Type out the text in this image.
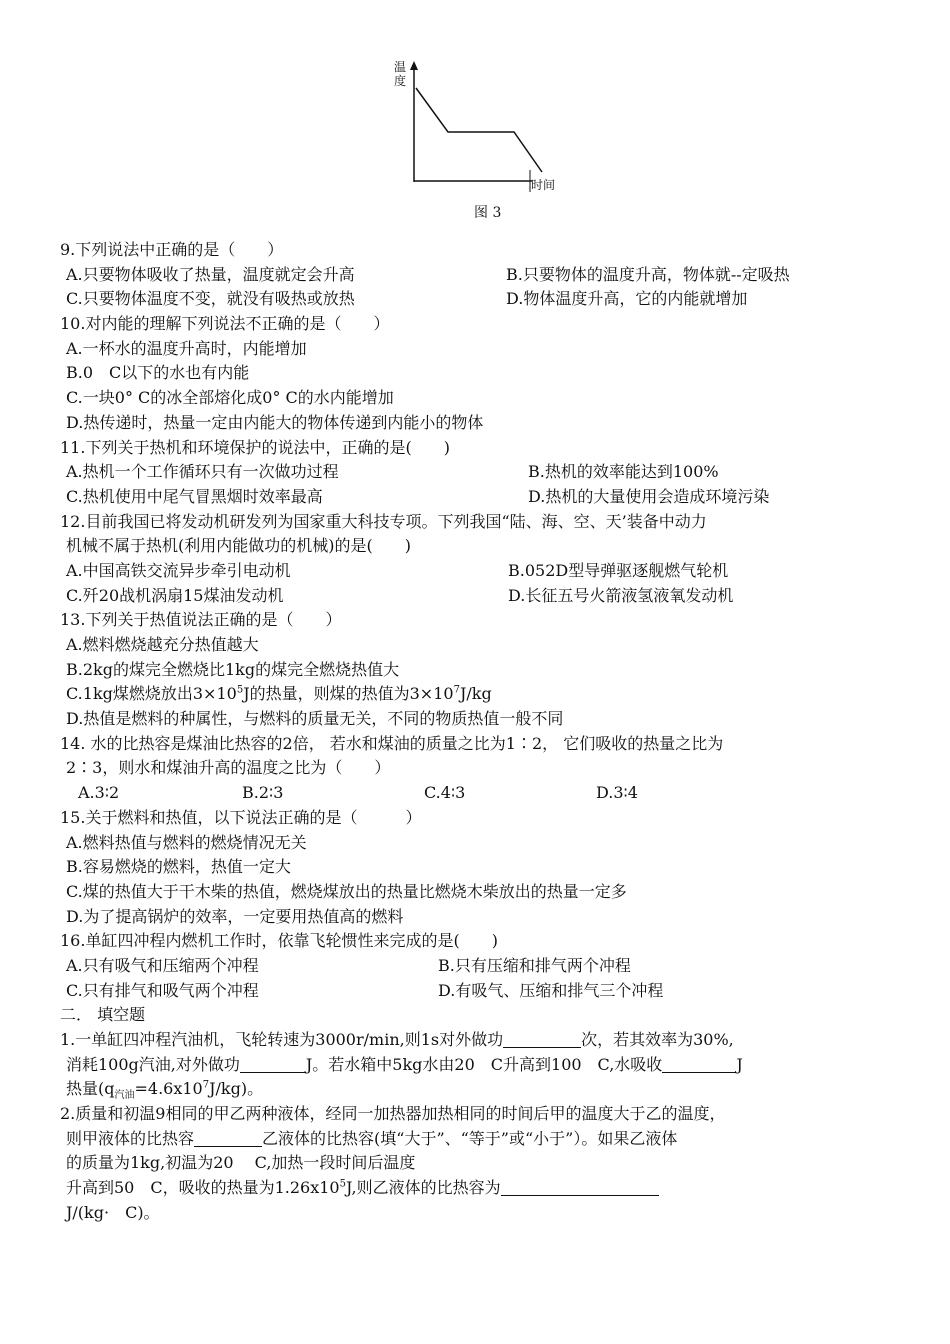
温度
时间
图 3
9.下列说法中正确的是（　　）
A.只要物体吸收了热量，温度就定会升高	B.只要物体的温度升高，物体就--定吸热
C.只要物体温度不变，就没有吸热或放热	D.物体温度升高，它的内能就增加
10.对内能的理解下列说法不正确的是（　　）
A.一杯水的温度升高时，内能增加
B.0　C以下的水也有内能
C.一块0° C的冰全部熔化成0° C的水内能增加
D.热传递时，热量一定由内能大的物体传递到内能小的物体
11.下列关于热机和环境保护的说法中，正确的是(　　)
A.热机一个工作循环只有一次做功过程	B.热机的效率能达到100%
C.热机使用中尾气冒黑烟时效率最高	D.热机的大量使用会造成环境污染
12.目前我国已将发动机研发列为国家重大科技专项。下列我国“陆、海、空、天’装备中动力
机械不属于热机(利用内能做功的机械)的是(　　)
A.中国高铁交流异步牵引电动机	B.052D型导弹驱逐舰燃气轮机
C.歼20战机涡扇15煤油发动机	D.长征五号火箭液氢液氧发动机
13.下列关于热值说法正确的是（　　）
A.燃料燃烧越充分热值越大
B.2kg的煤完全燃烧比1kg的煤完全燃烧热值大
C.1kg煤燃烧放出$3\times 10^5J$的热量，则煤的热值为$3\times 10^7J/kg$
D.热值是燃料的种属性，与燃料的质量无关，不同的物质热值一般不同
14. 水的比热容是煤油比热容的2倍， 若水和煤油的质量之比为1∶2， 它们吸收的热量之比为
2∶3，则水和煤油升高的温度之比为（　　）
A.3∶2	B.2∶3	C.4∶3	D.3∶4
15.关于燃料和热值，以下说法正确的是（　　　）
A.燃料热值与燃料的燃烧情况无关
B.容易燃烧的燃料，热值一定大
C.煤的热值大于干木柴的热值，燃烧煤放出的热量比燃烧木柴放出的热量一定多
D.为了提高锅炉的效率，一定要用热值高的燃料
16.单缸四冲程内燃机工作时，依靠飞轮惯性来完成的是(　　)
A.只有吸气和压缩两个冲程	B.只有压缩和排气两个冲程
C.只有排气和吸气两个冲程	D.有吸气、压缩和排气三个冲程
二． 填空题
1.一单缸四冲程汽油机，飞轮转速为3000r/min,则1s对外做功	次，若其效率为30%,
消耗100g汽油,对外做功	J。若水箱中5kg水由20　C升高到100　C,水吸收	J
热量$(q_{汽油}=4.6x10^7J/kg)$。
2.质量和初温9相同的甲乙两种液体，经同一加热器加热相同的时间后甲的温度大于乙的温度，
则甲液体的比热容	乙液体的比热容(填“大于”、“等于”或“小于”）。如果乙液体
的质量为1kg,初温为20　 C,加热一段时间后温度
升高到50　C，吸收的热量为$1.26x10^5J$,则乙液体的比热容为
J/(kg·　C)。
